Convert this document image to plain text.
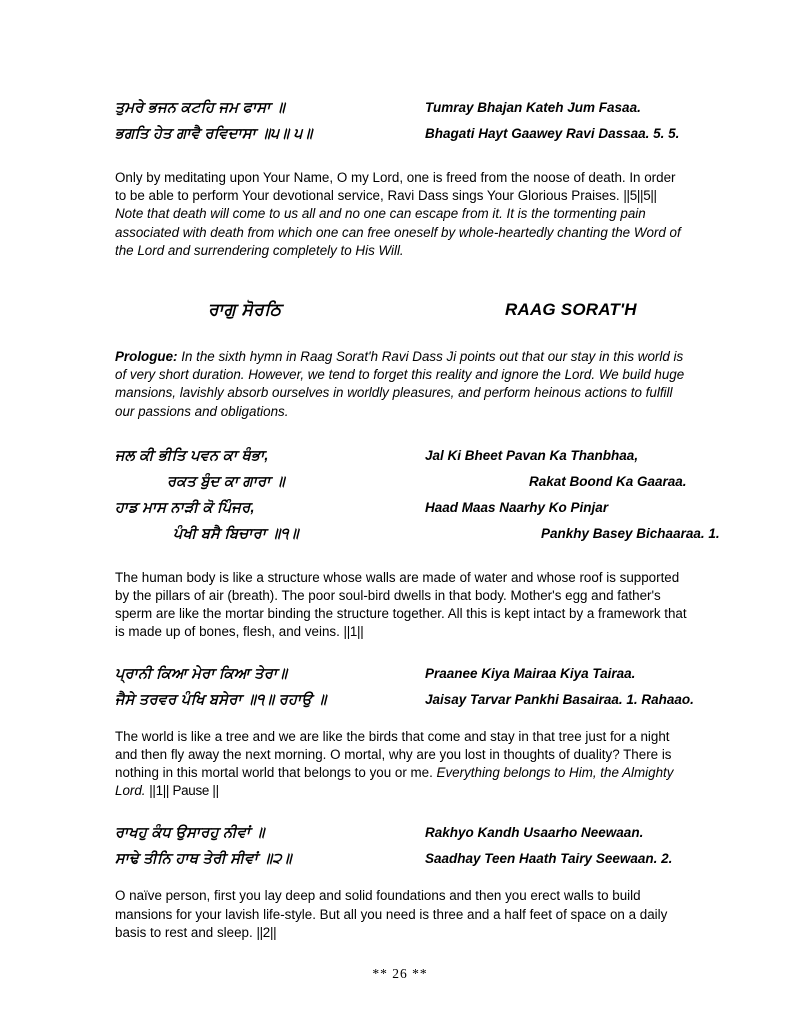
ਤੁਮਰੇ ਭਜਨ ਕਟਹਿ ਜਮ ਫਾਸਾ ॥	Tumray Bhajan Kateh Jum Fasaa.
ਭਗਤਿ ਹੇਤ ਗਾਵੈ ਰਵਿਦਾਸਾ ॥੫॥ ੫॥	Bhagati Hayt Gaawey Ravi Dassaa. 5. 5.
Only by meditating upon Your Name, O my Lord, one is freed from the noose of death. In order to be able to perform Your devotional service, Ravi Dass sings Your Glorious Praises. ||5||5||
Note that death will come to us all and no one can escape from it. It is the tormenting pain associated with death from which one can free oneself by whole-heartedly chanting the Word of the Lord and surrendering completely to His Will.
ਰਾਗੁ ਸੋਰਠਿ	RAAG SORAT'H
Prologue: In the sixth hymn in Raag Sorat'h Ravi Dass Ji points out that our stay in this world is of very short duration. However, we tend to forget this reality and ignore the Lord. We build huge mansions, lavishly absorb ourselves in worldly pleasures, and perform heinous actions to fulfill our passions and obligations.
ਜਲ ਕੀ ਭੀਤਿ ਪਵਨ ਕਾ ਥੰਭਾ,	Jal Ki Bheet Pavan Ka Thanbhaa,
ਰਕਤ ਬੁੰਦ ਕਾ ਗਾਰਾ ॥	Rakat Boond Ka Gaaraa.
ਹਾਡ ਮਾਸ ਨਾੜੀ ਕੋ ਪਿੰਜਰ,	Haad Maas Naarhy Ko Pinjar
ਪੰਖੀ ਬਸੈ ਬਿਚਾਰਾ ॥੧॥	Pankhy Basey Bichaaraa. 1.
The human body is like a structure whose walls are made of water and whose roof is supported by the pillars of air (breath). The poor soul-bird dwells in that body. Mother's egg and father's sperm are like the mortar binding the structure together. All this is kept intact by a framework that is made up of bones, flesh, and veins. ||1||
ਪ੍ਰਾਨੀ ਕਿਆ ਮੇਰਾ ਕਿਆ ਤੇਰਾ॥	Praanee Kiya Mairaa Kiya Tairaa.
ਜੈਸੇ ਤਰਵਰ ਪੰਖਿ ਬਸੇਰਾ ॥੧॥ ਰਹਾਉ ॥	Jaisay Tarvar Pankhi Basairaa. 1. Rahaao.
The world is like a tree and we are like the birds that come and stay in that tree just for a night and then fly away the next morning. O mortal, why are you lost in thoughts of duality? There is nothing in this mortal world that belongs to you or me. Everything belongs to Him, the Almighty Lord. ||1|| Pause ||
ਰਾਖਹੁ ਕੰਧ ਉਸਾਰਹੁ ਨੀਵਾਂ ॥	Rakhyo Kandh Usaarho Neewaan.
ਸਾਢੇ ਤੀਨਿ ਹਾਥ ਤੇਰੀ ਸੀਵਾਂ ॥੨॥	Saadhay Teen Haath Tairy Seewaan. 2.
O naïve person, first you lay deep and solid foundations and then you erect walls to build mansions for your lavish life-style. But all you need is three and a half feet of space on a daily basis to rest and sleep. ||2||
** 26 **
